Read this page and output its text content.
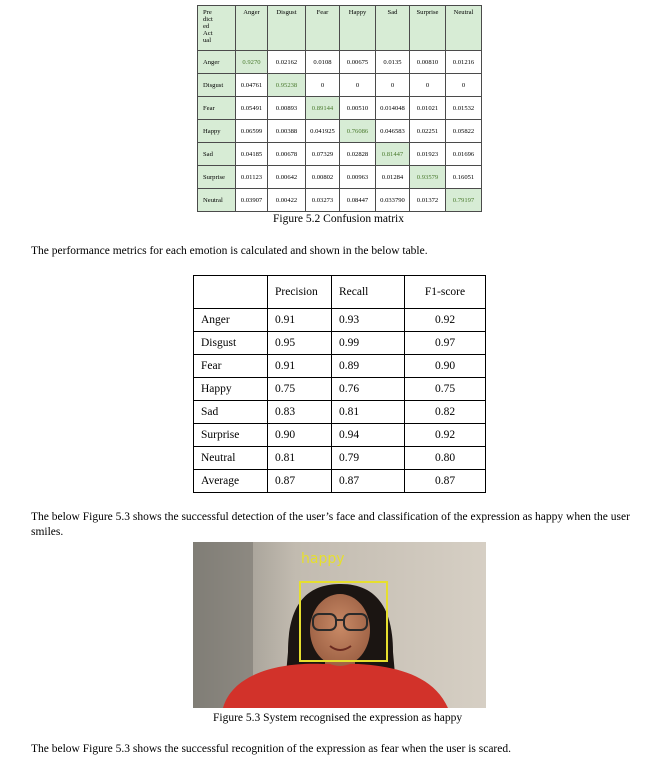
Pre
dict
ed
Act
ual	Anger	Disgust	Fear	Happy	Sad	Surprise	Neutral
Anger	0.9270	0.02162	0.0108	0.00675	0.0135	0.00810	0.01216
Disgust	0.04761	0.95238	0	0	0	0	0
Fear	0.05491	0.00893	0.89144	0.00510	0.014048	0.01021	0.01532
Happy	0.06599	0.00388	0.041925	0.76086	0.046583	0.02251	0.05822
Sad	0.04185	0.00678	0.07329	0.02828	0.81447	0.01923	0.01696
Surprise	0.01123	0.00642	0.00802	0.00963	0.01284	0.93579	0.16051
Neutral	0.03907	0.00422	0.03273	0.08447	0.033790	0.01372	0.79197
Figure 5.2 Confusion matrix
The performance metrics for each emotion is calculated and shown in the below table.
	Precision	Recall	F1-score
Anger	0.91	0.93	0.92
Disgust	0.95	0.99	0.97
Fear	0.91	0.89	0.90
Happy	0.75	0.76	0.75
Sad	0.83	0.81	0.82
Surprise	0.90	0.94	0.92
Neutral	0.81	0.79	0.80
Average	0.87	0.87	0.87
The below Figure 5.3 shows the successful detection of the user’s face and classification of the expression as happy when the user smiles.
happy
Figure 5.3 System recognised the expression as happy
The below Figure 5.3 shows the successful recognition of the expression as fear when the user is scared.
